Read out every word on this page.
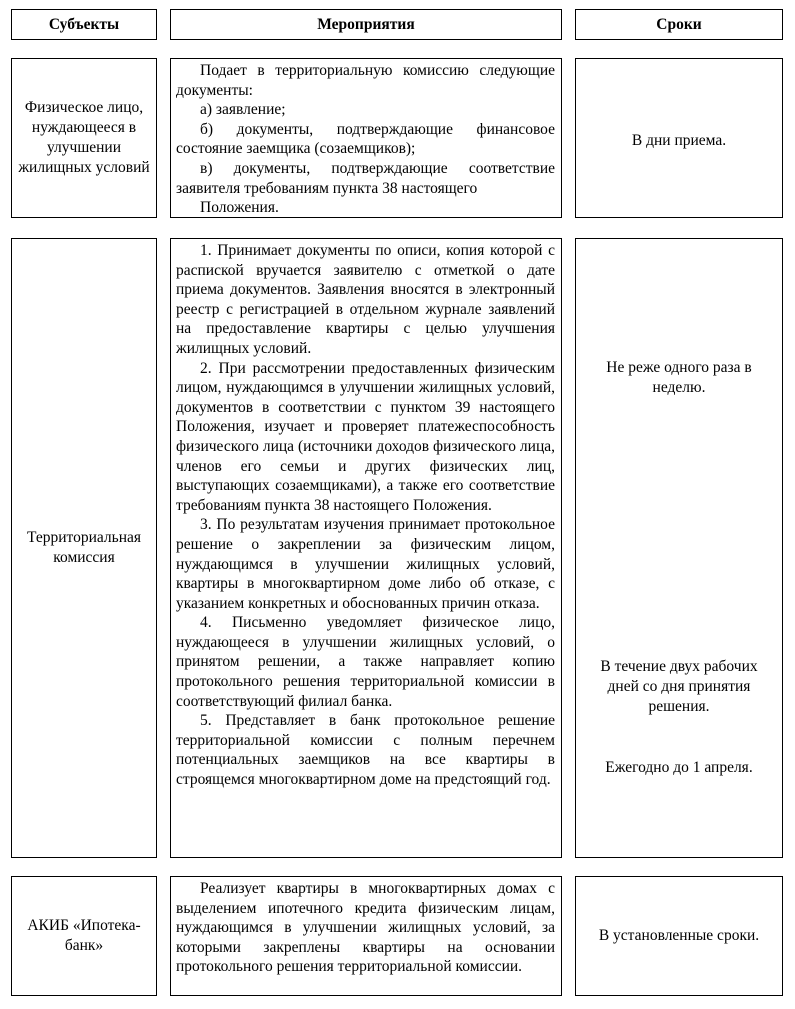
Субъекты	Мероприятия	Сроки
Физическое лицо, нуждающееся в улучшении жилищных условий

Подает в территориальную комиссию следующие документы:

а) заявление;

б) документы, подтверждающие финансовое состояние заемщика (созаемщиков);

в) документы, подтверждающие соответствие заявителя требованиям пункта 38 настоящего

Положения.

В дни приема.
Территориальная комиссия

1. Принимает документы по описи, копия которой с распиской вручается заявителю с отметкой о дате приема документов. Заявления вносятся в электронный реестр с регистрацией в отдельном журнале заявлений на предоставление квартиры с целью улучшения жилищных условий.

2. При рассмотрении предоставленных физическим лицом, нуждающимся в улучшении жилищных условий, документов в соответствии с пунктом 39 настоящего Положения, изучает и проверяет платежеспособность физического лица (источники доходов физического лица, членов его семьи и других физических лиц, выступающих созаемщиками), а также его соответствие требованиям пункта 38 настоящего Положения.

3. По результатам изучения принимает протокольное решение о закреплении за физическим лицом, нуждающимся в улучшении жилищных условий, квартиры в многоквартирном доме либо об отказе, с указанием конкретных и обоснованных причин отказа.

4. Письменно уведомляет физическое лицо, нуждающееся в улучшении жилищных условий, о принятом решении, а также направляет копию протокольного решения территориальной комиссии в соответствующий филиал банка.

5. Представляет в банк протокольное решение территориальной комиссии с полным перечнем потенциальных заемщиков на все квартиры в строящемся многоквартирном доме на предстоящий год.

Не реже одного раза в неделю.
В течение двух рабочих дней со дня принятия решения.
Ежегодно до 1 апреля.
АКИБ «Ипотека-банк»

Реализует квартиры в многоквартирных домах с выделением ипотечного кредита физическим лицам, нуждающимся в улучшении жилищных условий, за которыми закреплены квартиры на основании протокольного решения территориальной комиссии.

В установленные сроки.
